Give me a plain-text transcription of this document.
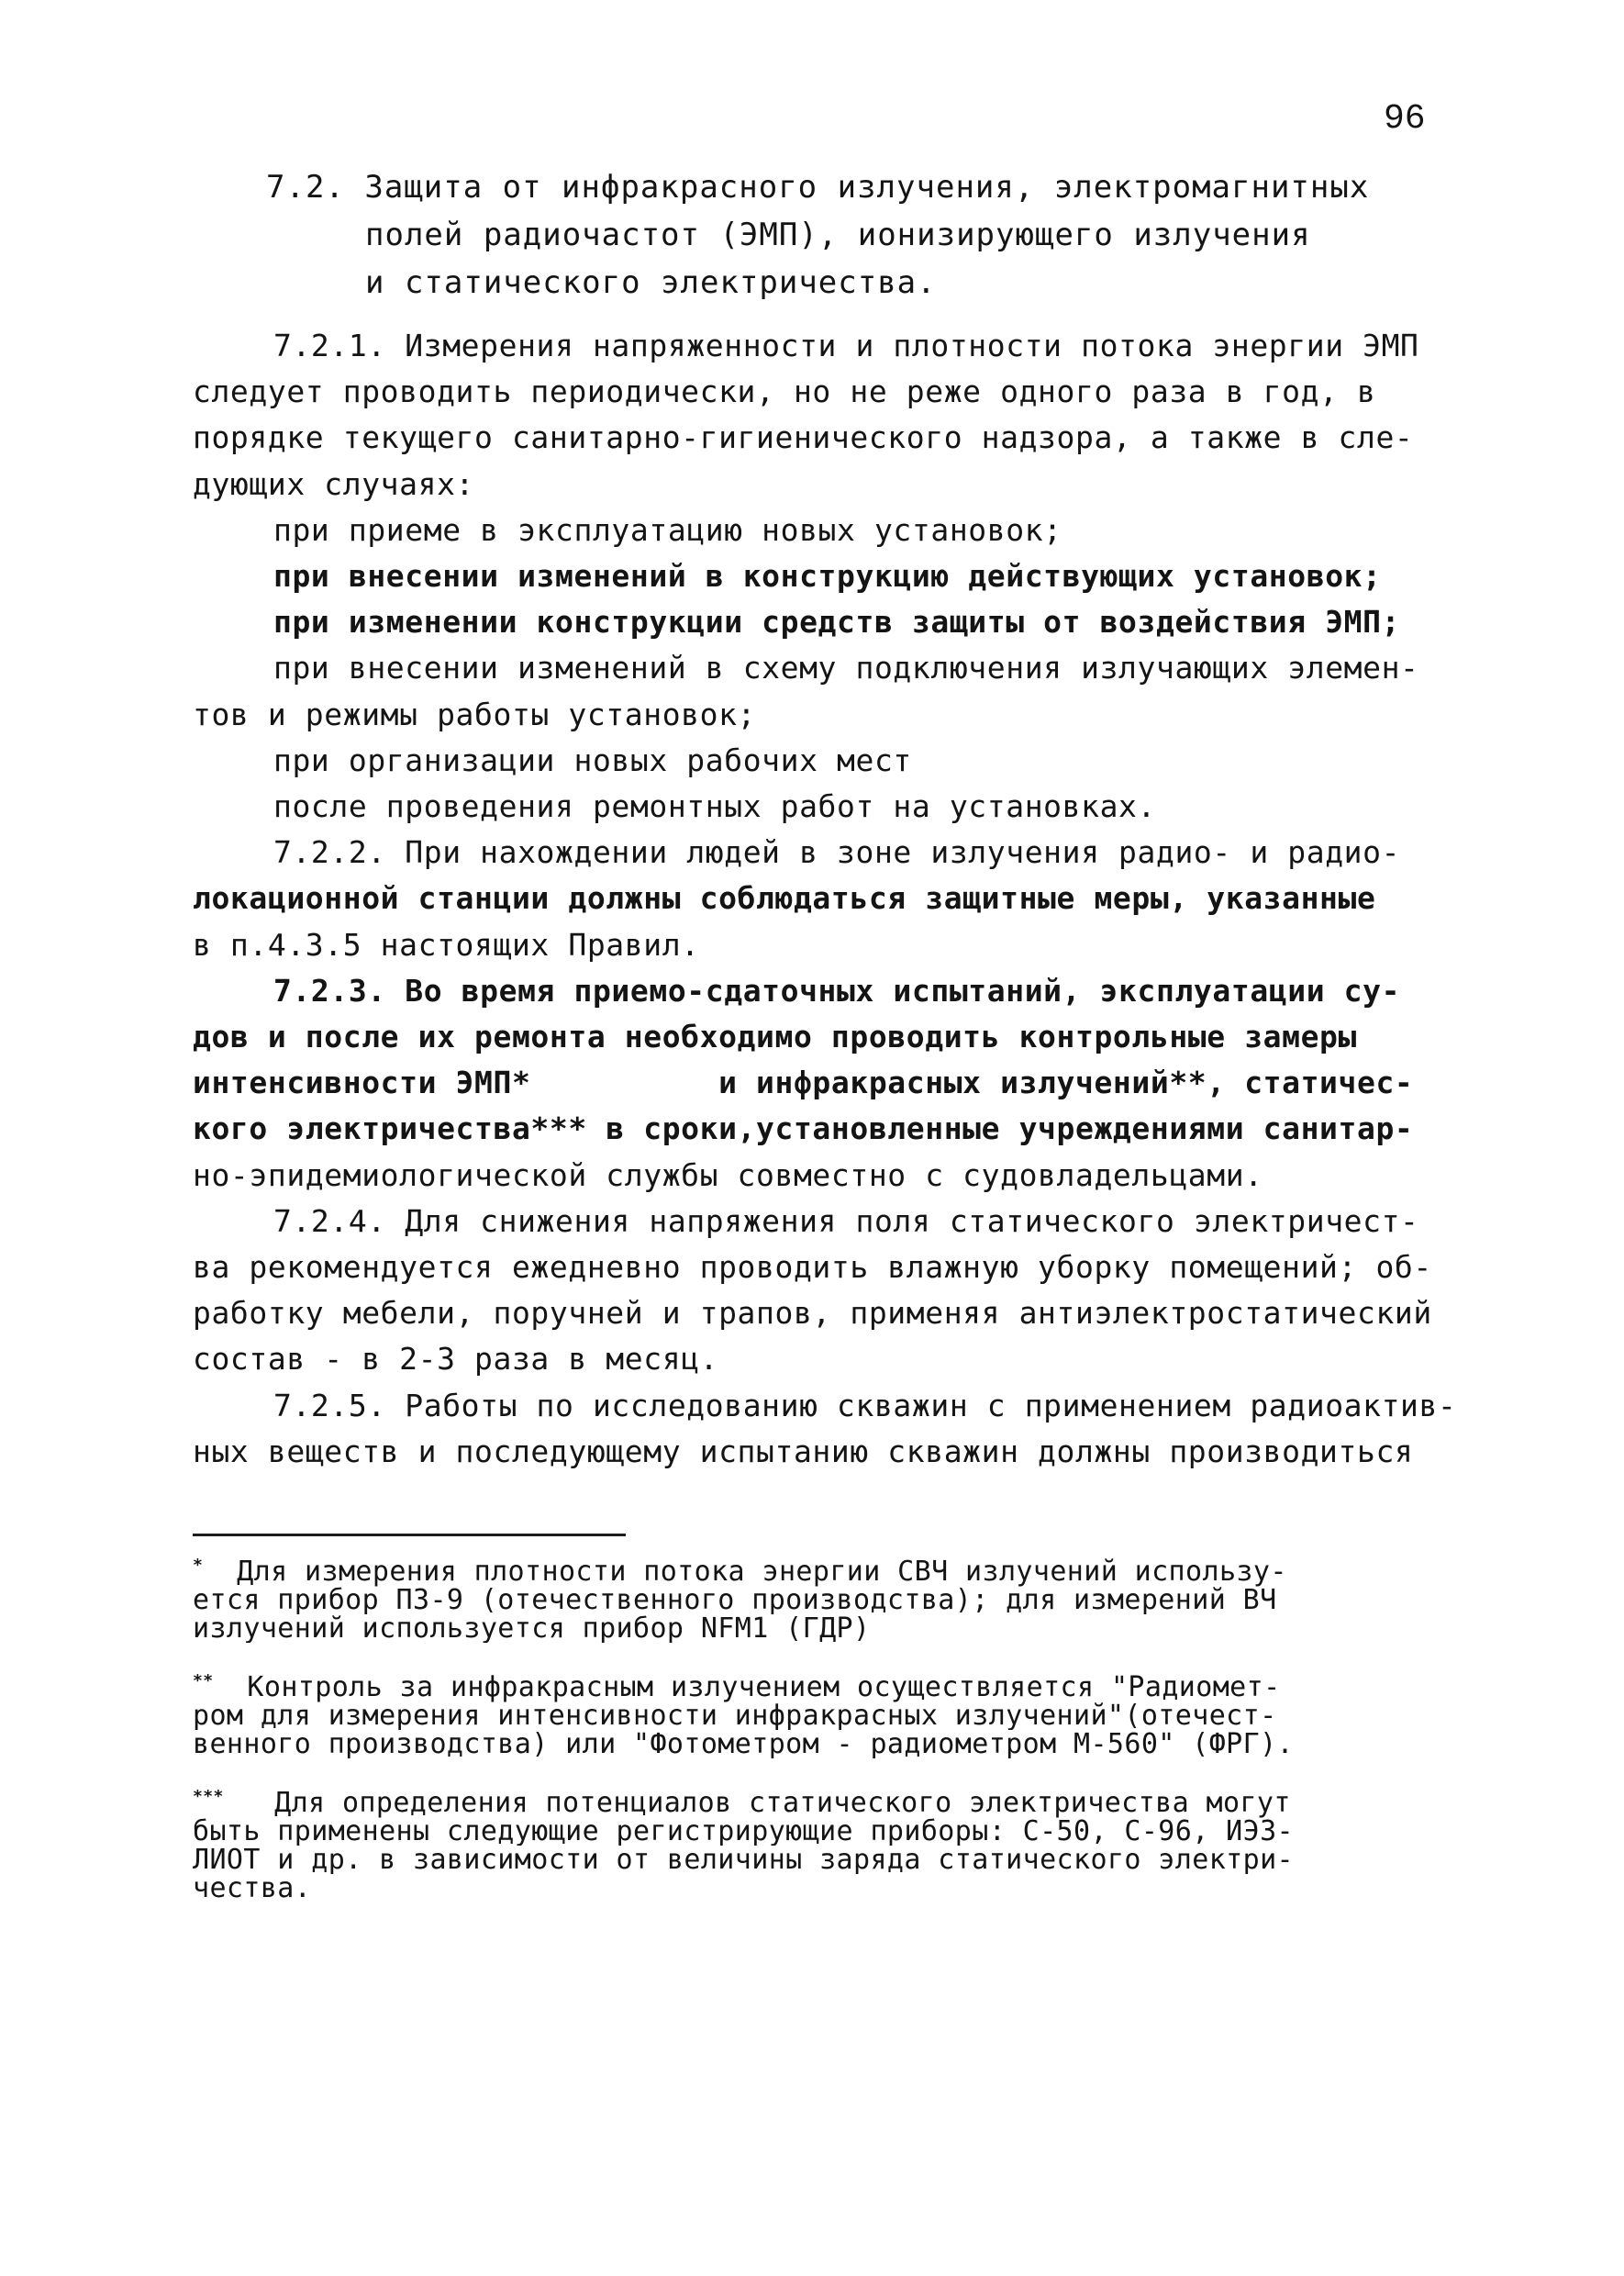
96
7.2. Защита от инфракрасного излучения, электромагнитных
полей радиочастот (ЭМП), ионизирующего излучения
и статического электричества.
7.2.1. Измерения напряженности и плотности потока энергии ЭМП
следует проводить периодически, но не реже одного раза в год, в
порядке текущего санитарно-гигиенического надзора, а также в сле-
дующих случаях:
при приеме в эксплуатацию новых установок;
при внесении изменений в конструкцию действующих установок;
при изменении конструкции средств защиты от воздействия ЭМП;
при внесении изменений в схему подключения излучающих элемен-
тов и режимы работы установок;
при организации новых рабочих мест
после проведения ремонтных работ на установках.
7.2.2. При нахождении людей в зоне излучения радио- и радио-
локационной станции должны соблюдаться защитные меры, указанные
в п.4.3.5 настоящих Правил.
7.2.3. Во время приемо-сдаточных испытаний, эксплуатации су-
дов и после их ремонта необходимо проводить контрольные замеры
интенсивности ЭМП*          и инфракрасных излучений**, статичес-
кого электричества*** в сроки,установленные учреждениями санитар-
но-эпидемиологической службы совместно с судовладельцами.
7.2.4. Для снижения напряжения поля статического электричест-
ва рекомендуется ежедневно проводить влажную уборку помещений; об-
работку мебели, поручней и трапов, применяя антиэлектростатический
состав - в 2-3 раза в месяц.
7.2.5. Работы по исследованию скважин с применением радиоактив-
ных веществ и последующему испытанию скважин должны производиться
*  Для измерения плотности потока энергии СВЧ излучений использу-
ется прибор ПЗ-9 (отечественного производства); для измерений ВЧ
излучений используется прибор NFM1 (ГДР)
**  Контроль за инфракрасным излучением осуществляется "Радиомет-
ром для измерения интенсивности инфракрасных излучений"(отечест-
венного производства) или "Фотометром - радиометром М-560" (ФРГ).
***   Для определения потенциалов статического электричества могут
быть применены следующие регистрирующие приборы: С-50, С-96, ИЭЗ-
ЛИОТ и др. в зависимости от величины заряда статического электри-
чества.
